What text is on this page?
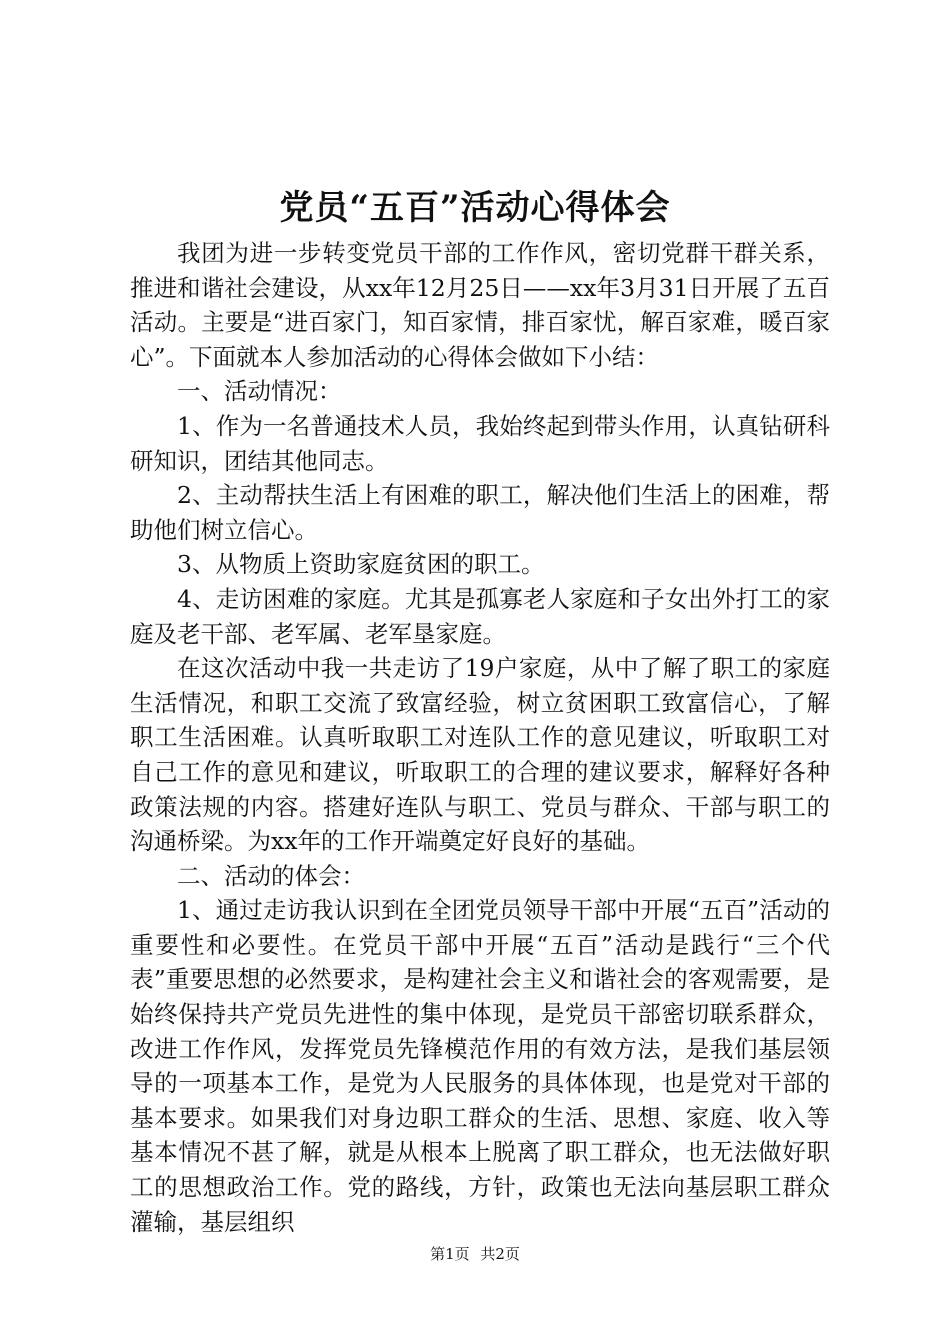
党员“五百”活动心得体会

我团为进一步转变党员干部的工作作风，密切党群干群关系，推进和谐社会建设，从xx年12月25日——xx年3月31日开展了五百活动。主要是“进百家门，知百家情，排百家忧，解百家难，暖百家心”。下面就本人参加活动的心得体会做如下小结：

一、活动情况：

1、作为一名普通技术人员，我始终起到带头作用，认真钻研科研知识，团结其他同志。

2、主动帮扶生活上有困难的职工，解决他们生活上的困难，帮助他们树立信心。

3、从物质上资助家庭贫困的职工。

4、走访困难的家庭。尤其是孤寡老人家庭和子女出外打工的家庭及老干部、老军属、老军垦家庭。

在这次活动中我一共走访了19户家庭，从中了解了职工的家庭生活情况，和职工交流了致富经验，树立贫困职工致富信心，了解职工生活困难。认真听取职工对连队工作的意见建议，听取职工对自己工作的意见和建议，听取职工的合理的建议要求，解释好各种政策法规的内容。搭建好连队与职工、党员与群众、干部与职工的沟通桥梁。为xx年的工作开端奠定好良好的基础。

二、活动的体会：

1、通过走访我认识到在全团党员领导干部中开展“五百”活动的重要性和必要性。在党员干部中开展“五百”活动是践行“三个代表”重要思想的必然要求，是构建社会主义和谐社会的客观需要，是始终保持共产党员先进性的集中体现，是党员干部密切联系群众，改进工作作风，发挥党员先锋模范作用的有效方法，是我们基层领导的一项基本工作，是党为人民服务的具体体现，也是党对干部的基本要求。如果我们对身边职工群众的生活、思想、家庭、收入等基本情况不甚了解，就是从根本上脱离了职工群众，也无法做好职工的思想政治工作。党的路线，方针，政策也无法向基层职工群众灌输，基层组织

第1页 共2页
